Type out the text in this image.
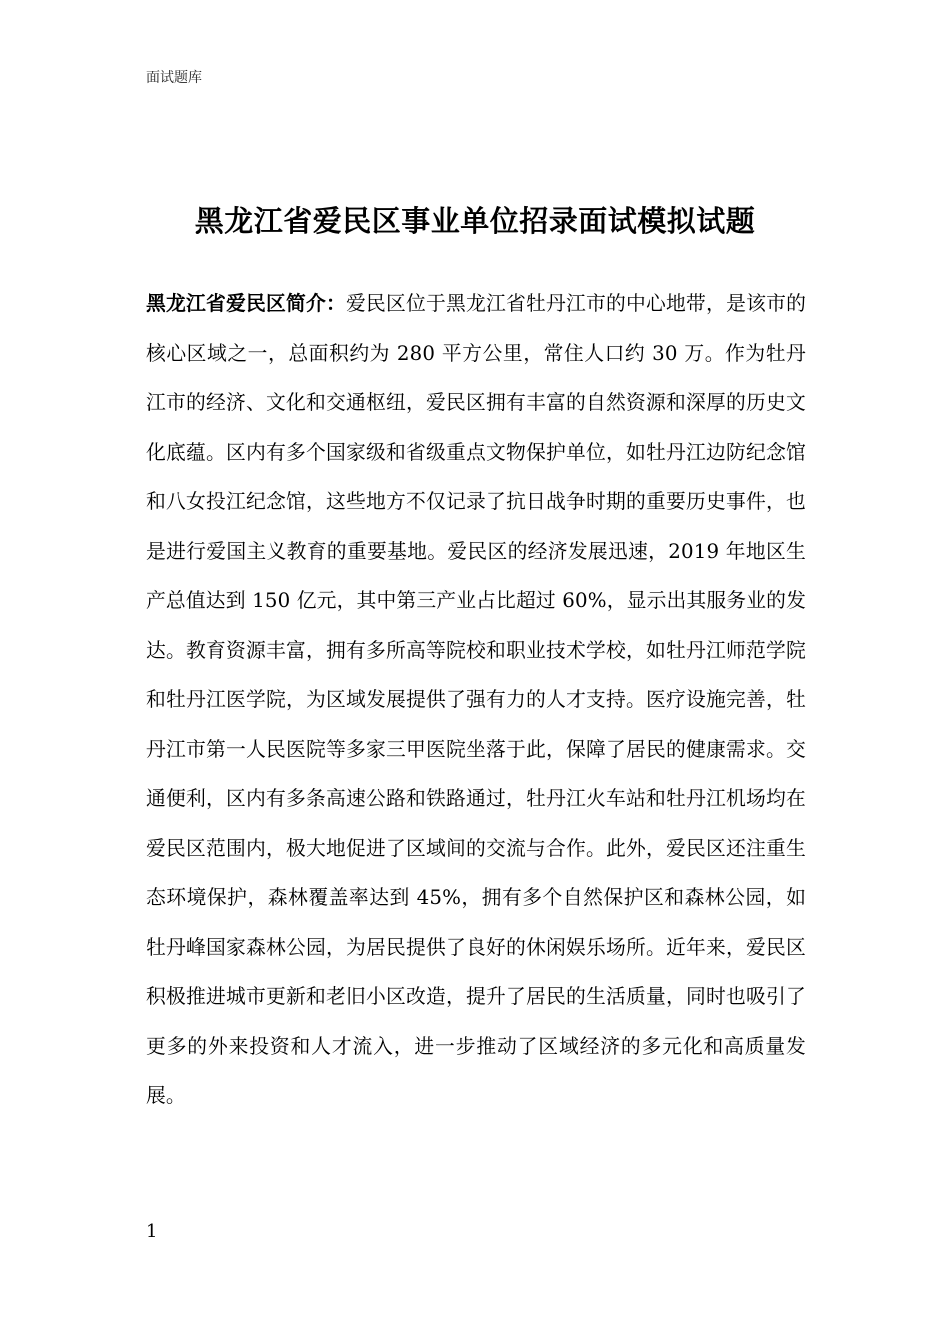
面试题库
黑龙江省爱民区事业单位招录面试模拟试题

黑龙江省爱民区简介：爱民区位于黑龙江省牡丹江市的中心地带，是该市的核心区域之一，总面积约为 280 平方公里，常住人口约 30 万。作为牡丹江市的经济、文化和交通枢纽，爱民区拥有丰富的自然资源和深厚的历史文化底蕴。区内有多个国家级和省级重点文物保护单位，如牡丹江边防纪念馆和八女投江纪念馆，这些地方不仅记录了抗日战争时期的重要历史事件，也是进行爱国主义教育的重要基地。爱民区的经济发展迅速，2019 年地区生产总值达到 150 亿元，其中第三产业占比超过 60%，显示出其服务业的发达。教育资源丰富，拥有多所高等院校和职业技术学校，如牡丹江师范学院和牡丹江医学院，为区域发展提供了强有力的人才支持。医疗设施完善，牡丹江市第一人民医院等多家三甲医院坐落于此，保障了居民的健康需求。交通便利，区内有多条高速公路和铁路通过，牡丹江火车站和牡丹江机场均在爱民区范围内，极大地促进了区域间的交流与合作。此外，爱民区还注重生态环境保护，森林覆盖率达到 45%，拥有多个自然保护区和森林公园，如牡丹峰国家森林公园，为居民提供了良好的休闲娱乐场所。近年来，爱民区积极推进城市更新和老旧小区改造，提升了居民的生活质量，同时也吸引了更多的外来投资和人才流入，进一步推动了区域经济的多元化和高质量发展。

1
